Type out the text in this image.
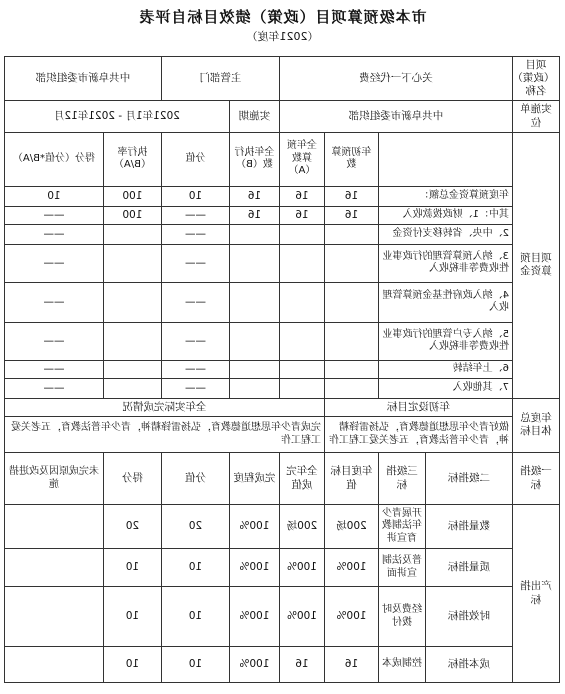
市本级预算项目（政策）绩效目标自评表
（2021年度）
项目（政策）名称	关心下一代经费				主管部门		中共阜新市委组织部	
实施单位	中共阜新市委组织部				实施期	2021年1月 - 2021年12月		
项目预算资金			年初预算数	全年预算数（A）	全年执行数（B）	分值	执行率（B/A）	得分（分值*B/A）
	年度预算资金总额：		16	16	16	10	100	10
	其中：1、财政拨款收入		16	16	16	——	100	——
	2、中央、省转移支付资金					——		——
	3、纳入预算管理的行政事业性收费等非税收入					——		——
	4、纳入政府性基金预算管理收入					——		——
	5、纳入专户管理的行政事业性收费等非税收入					——		——
	6、上年结转					——		——
	7、其他收入					——		——
年度总体目标	年初设定目标			全年实际完成情况				
	做好青少年思想道德教育，弘扬雷锋精神，青少年普法教育，五老关爱工程工作			完成青少年思想道德教育，弘扬雷锋精神，青少年普法教育，五老关爱工程工作				
一级指标	二级指标	三级指标	年度目标值	全年完成值	完成程度	分值	得分	未完成原因及改进措施
产出指标	数量指标	开展青少年法制教育宣讲	200场	200场	100%	20	20	
	质量指标	普及法制宣讲面	100%	100%	100%	10	10	
	时效指标	经费及时拨付	100%	100%	100%	10	10	
	成本指标	控制成本	16	16	100%	10	10	
